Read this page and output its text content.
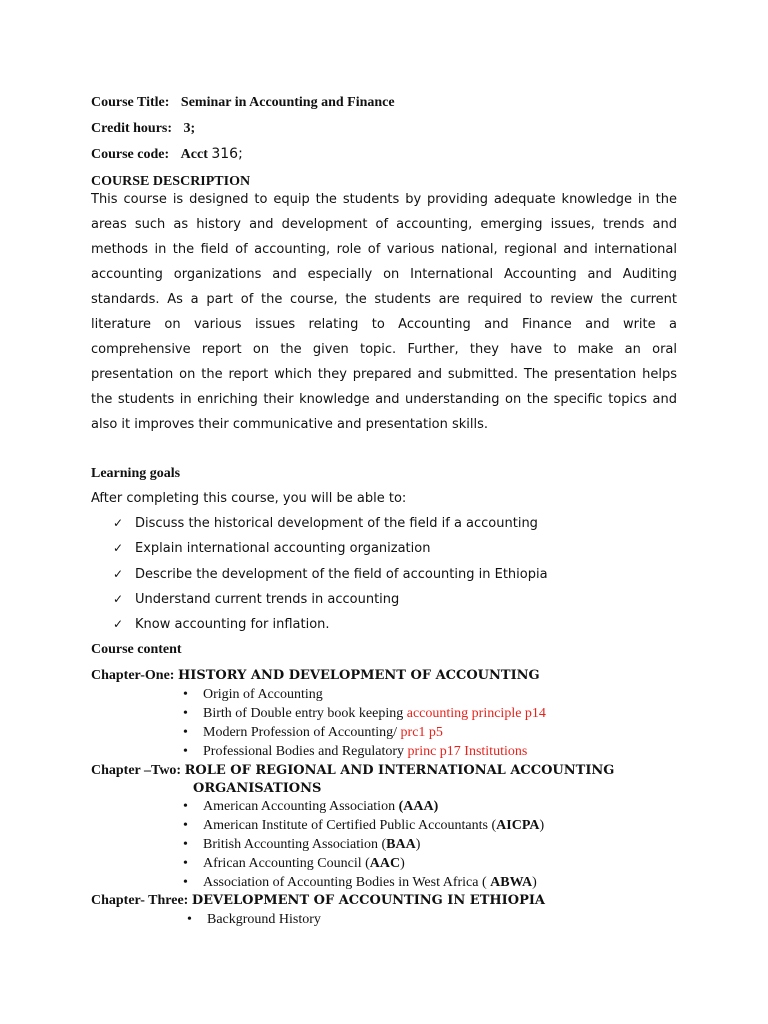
Course Title: Seminar in Accounting and Finance
Credit hours: 3;
Course code: Acct 316;
COURSE DESCRIPTION

This course is designed to equip the students by providing adequate knowledge in the areas such as history and development of accounting, emerging issues, trends and methods in the field of accounting, role of various national, regional and international accounting organizations and especially on International Accounting and Auditing standards. As a part of the course, the students are required to review the current literature on various issues relating to Accounting and Finance and write a comprehensive report on the given topic. Further, they have to make an oral presentation on the report which they prepared and submitted. The presentation helps the students in enriching their knowledge and understanding on the specific topics and also it improves their communicative and presentation skills.

Learning goals
After completing this course, you will be able to:
✓ Discuss the historical development of the field if a accounting
✓ Explain international accounting organization
✓ Describe the development of the field of accounting in Ethiopia
✓ Understand current trends in accounting
✓ Know accounting for inflation.
Course content
Chapter-One: HISTORY AND DEVELOPMENT OF ACCOUNTING
• Origin of Accounting
• Birth of Double entry book keeping accounting principle p14
• Modern Profession of Accounting/ prc1 p5
• Professional Bodies and Regulatory princ p17 Institutions
Chapter –Two: ROLE OF REGIONAL AND INTERNATIONAL ACCOUNTING
ORGANISATIONS
• American Accounting Association (AAA)
• American Institute of Certified Public Accountants (AICPA)
• British Accounting Association (BAA)
• African Accounting Council (AAC)
• Association of Accounting Bodies in West Africa ( ABWA)
Chapter- Three: DEVELOPMENT OF ACCOUNTING IN ETHIOPIA
• Background History
